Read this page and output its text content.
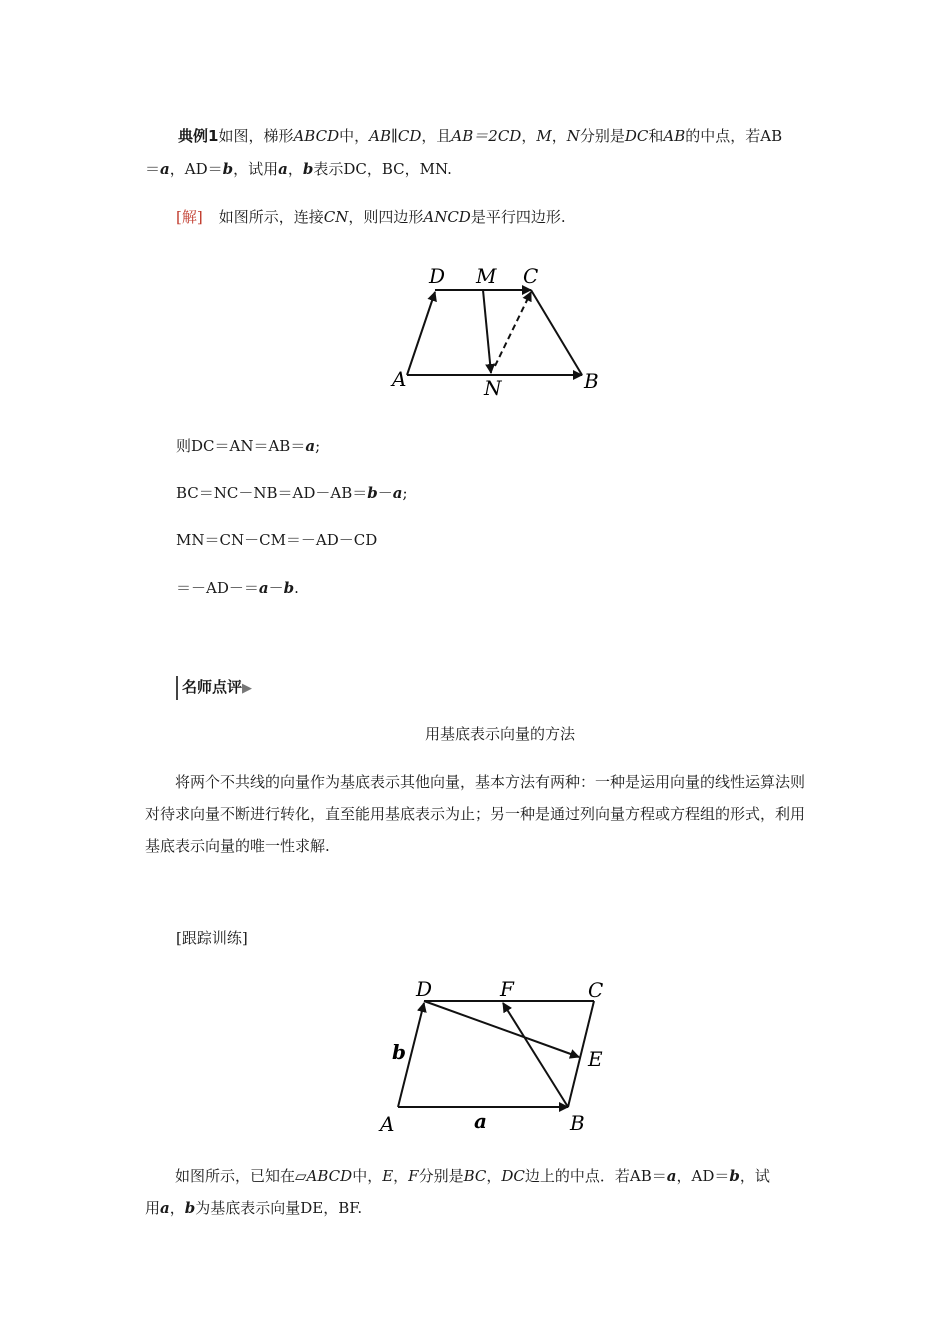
典例1如图，梯形ABCD中，AB∥CD，且AB＝2CD，M，N分别是DC和AB的中点，若AB
＝a，AD＝b，试用a，b表示DC，BC，MN.
[解] 如图所示，连接CN，则四边形ANCD是平行四边形.
D M C
A	N	B
则DC＝AN＝AB＝a;
BC＝NC－NB＝AD－AB＝b－a;
MN＝CN－CM＝－AD－CD
＝－AD－＝a－b.
名师点评▶
用基底表示向量的方法
将两个不共线的向量作为基底表示其他向量，基本方法有两种：一种是运用向量的线性运算法则对待求向量不断进行转化，直至能用基底表示为止；另一种是通过列向量方程或方程组的形式，利用基底表示向量的唯一性求解.
[跟踪训练]
D	F	C
E
A	B
a
b
如图所示，已知在▱ABCD中，E，F分别是BC，DC边上的中点．若AB＝a，AD＝b，试
用a，b为基底表示向量DE，BF.
